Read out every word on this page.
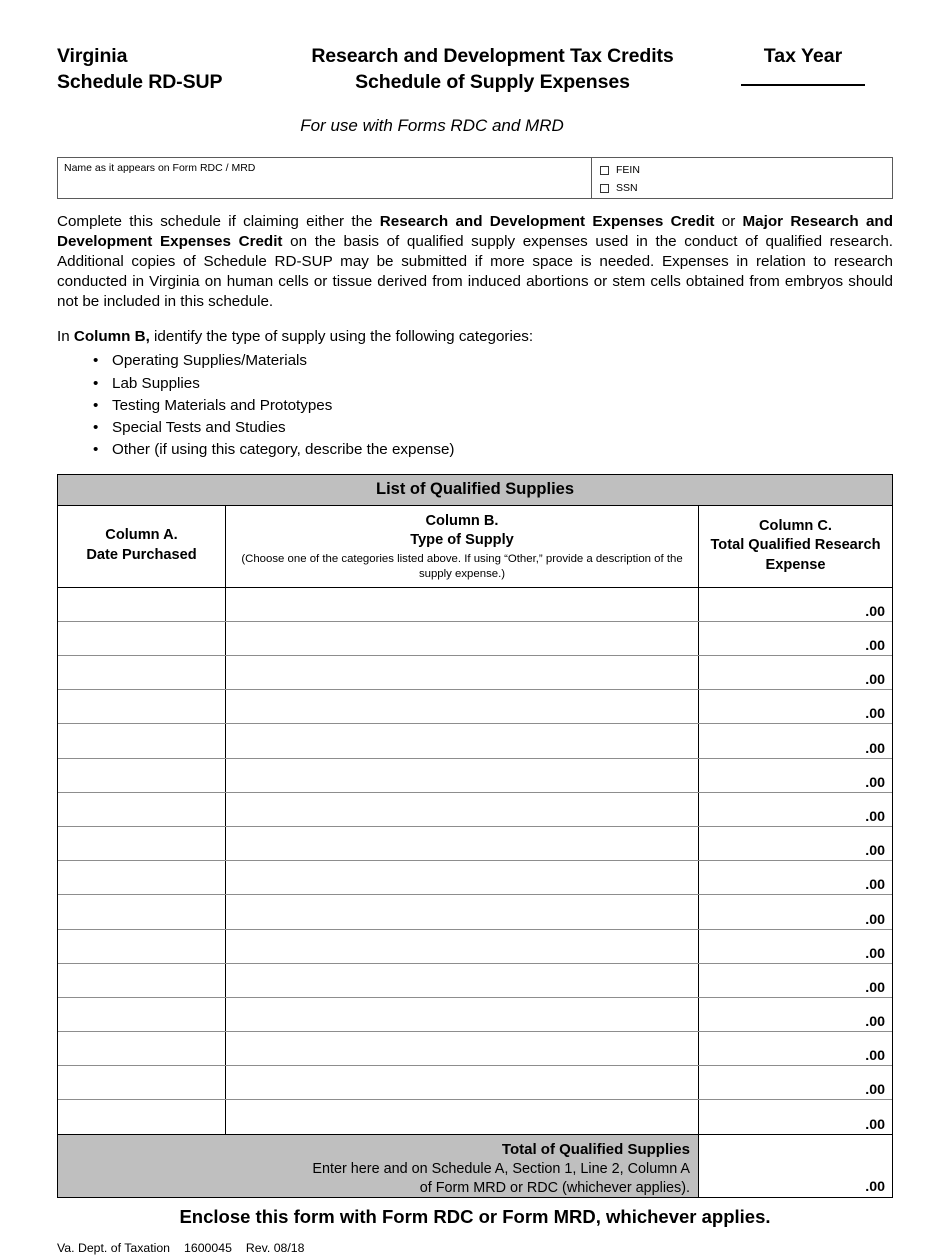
Virginia
Schedule RD-SUP
Research and Development Tax Credits
Schedule of Supply Expenses
Tax Year
For use with Forms RDC and MRD
Name as it appears on Form RDC / MRD	FEIN
SSN

Complete this schedule if claiming either the Research and Development Expenses Credit or Major Research and Development Expenses Credit on the basis of qualified supply expenses used in the conduct of qualified research. Additional copies of Schedule RD-SUP may be submitted if more space is needed. Expenses in relation to research conducted in Virginia on human cells or tissue derived from induced abortions or stem cells obtained from embryos should not be included in this schedule.

In Column B, identify the type of supply using the following categories:
• Operating Supplies/Materials
• Lab Supplies
• Testing Materials and Prototypes
• Special Tests and Studies
• Other (if using this category, describe the expense)
List of Qualified Supplies
Column A.
Date Purchased
Column B.
Type of Supply
(Choose one of the categories listed above. If using “Other,” provide a description of the supply expense.)
Column C.
Total Qualified Research
Expense
.00
.00
.00
.00
.00
.00
.00
.00
.00
.00
.00
.00
.00
.00
.00
.00
Total of Qualified Supplies
Enter here and on Schedule A, Section 1, Line 2, Column A
of Form MRD or RDC (whichever applies).	.00
Enclose this form with Form RDC or Form MRD, whichever applies.
Va. Dept. of Taxation 1600045 Rev. 08/18
